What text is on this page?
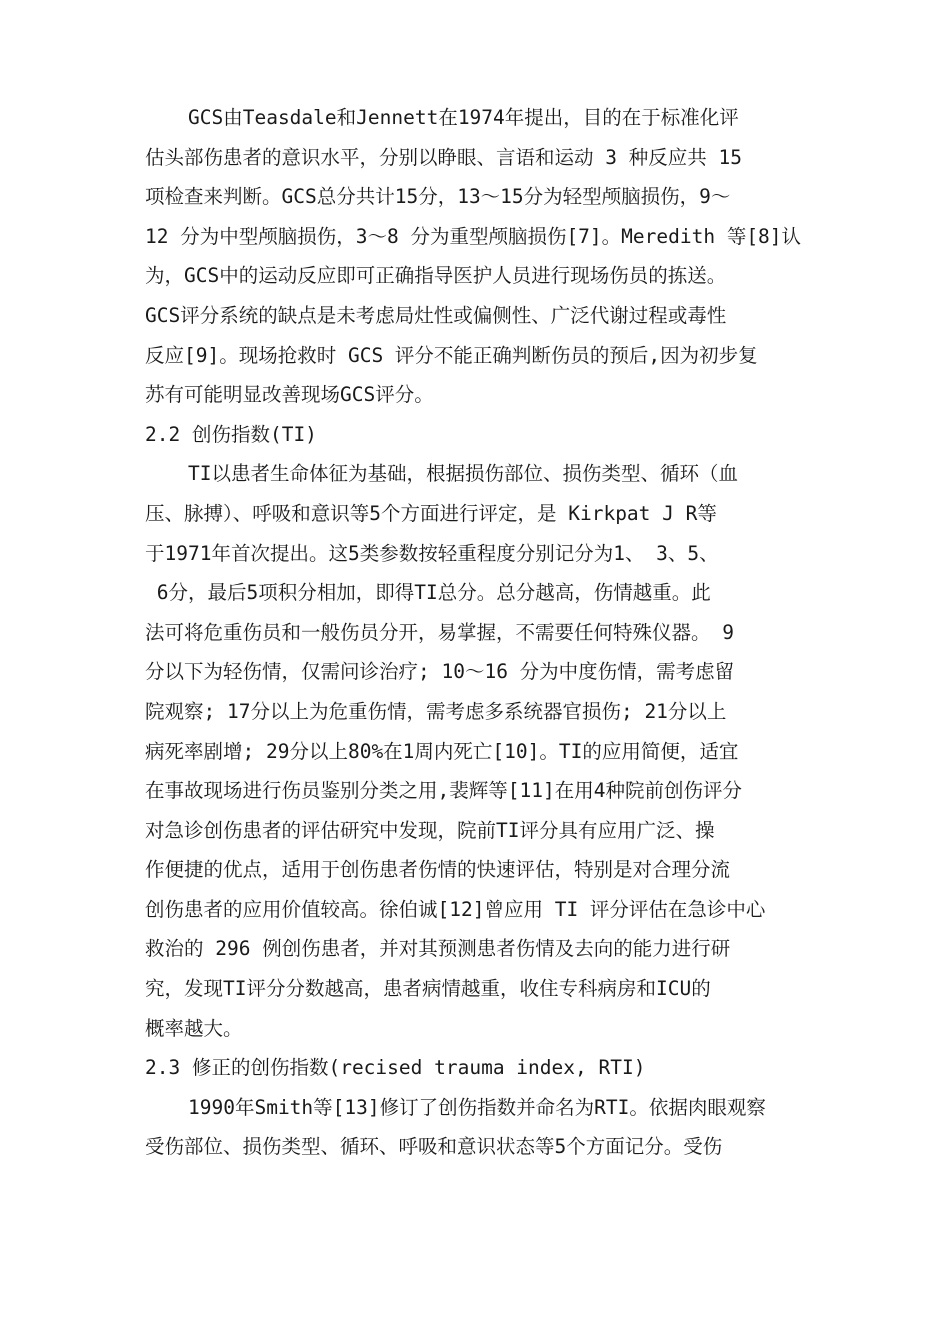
GCS由Teasdale和Jennett在1974年提出，目的在于标准化评
估头部伤患者的意识水平，分别以睁眼、言语和运动 3 种反应共 15
项检查来判断。GCS总分共计15分，13～15分为轻型颅脑损伤，9～
12 分为中型颅脑损伤，3～8 分为重型颅脑损伤[7]。Meredith 等[8]认
为，GCS中的运动反应即可正确指导医护人员进行现场伤员的拣送。
GCS评分系统的缺点是未考虑局灶性或偏侧性、广泛代谢过程或毒性
反应[9]。现场抢救时 GCS 评分不能正确判断伤员的预后,因为初步复
苏有可能明显改善现场GCS评分。
2.2 创伤指数(TI)
TI以患者生命体征为基础，根据损伤部位、损伤类型、循环（血
压、脉搏）、呼吸和意识等5个方面进行评定，是 Kirkpat J R等
于1971年首次提出。这5类参数按轻重程度分别记分为1、 3、5、
6分，最后5项积分相加，即得TI总分。总分越高，伤情越重。此
法可将危重伤员和一般伤员分开，易掌握，不需要任何特殊仪器。 9
分以下为轻伤情，仅需问诊治疗; 10～16 分为中度伤情，需考虑留
院观察; 17分以上为危重伤情，需考虑多系统器官损伤; 21分以上
病死率剧增; 29分以上80%在1周内死亡[10]。TI的应用简便，适宜
在事故现场进行伤员鉴别分类之用,裴辉等[11]在用4种院前创伤评分
对急诊创伤患者的评估研究中发现，院前TI评分具有应用广泛、操
作便捷的优点，适用于创伤患者伤情的快速评估，特别是对合理分流
创伤患者的应用价值较高。徐伯诚[12]曾应用 TI 评分评估在急诊中心
救治的 296 例创伤患者，并对其预测患者伤情及去向的能力进行研
究，发现TI评分分数越高，患者病情越重，收住专科病房和ICU的
概率越大。
2.3 修正的创伤指数(recised trauma index, RTI)
1990年Smith等[13]修订了创伤指数并命名为RTI。依据肉眼观察
受伤部位、损伤类型、循环、呼吸和意识状态等5个方面记分。受伤
